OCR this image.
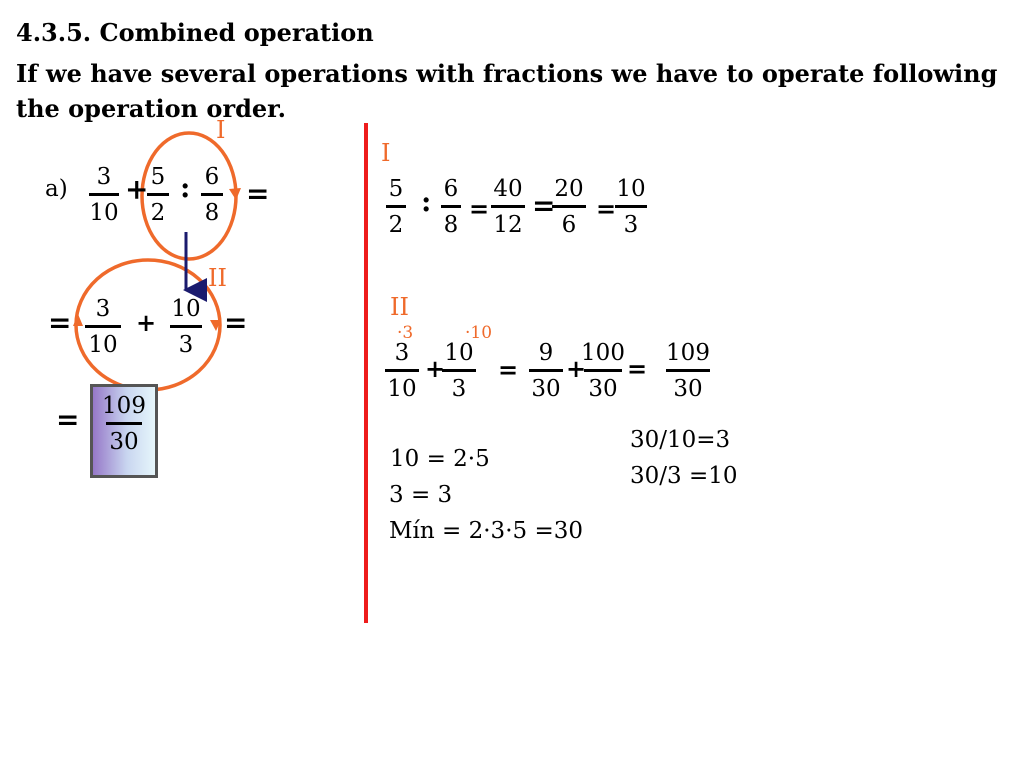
4.3.5. Combined operation
If we have several operations with fractions we have to operate following the operation order.
a)	3
10
+ 5
2
: 6
8
=
I
II
=	3
10
+ 10
3
=
= 109
30
I
5
2
: 6
8
=
40
12
=
20
6
=
10
3
II
·3	·10
3
10
+
10
3
=
9
30
+
100
30
=
109
30
10 = 2·5
3 = 3
Mín = 2·3·5 =30
30/10=3
30/3 =10
